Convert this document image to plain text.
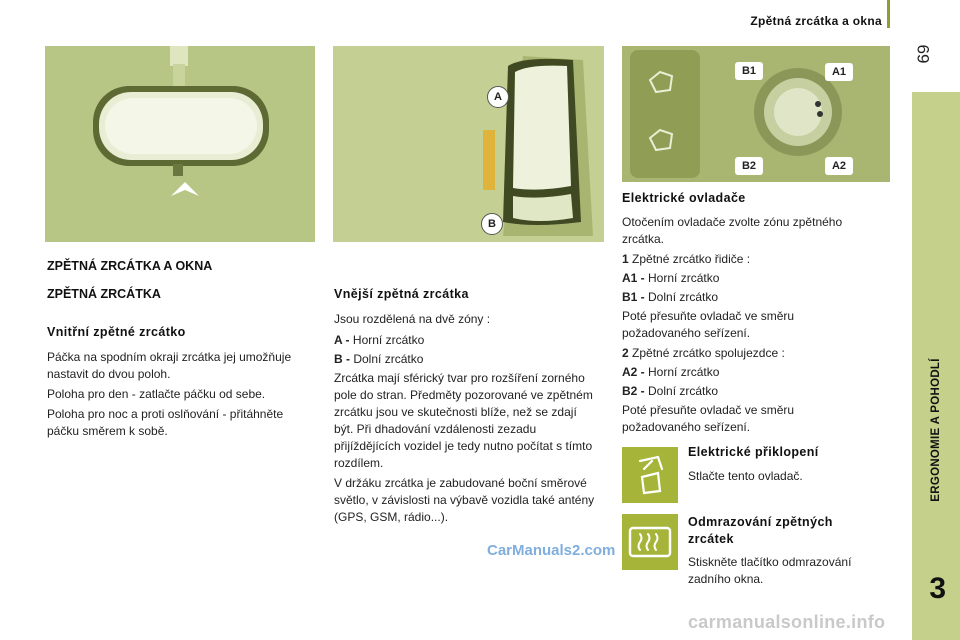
Zpětná zrcátka a okna
69
ERGONOMIE A POHODLÍ
3
A
B
B1	A1
B2	A2
ZPĚTNÁ ZRCÁTKA A OKNA
ZPĚTNÁ ZRCÁTKA
Vnitřní zpětné zrcátko
Páčka na spodním okraji zrcátka jej umožňuje nastavit do dvou poloh.
Poloha pro den - zatlačte páčku od sebe.
Poloha pro noc a proti oslňování - přitáhněte páčku směrem k sobě.
Vnější zpětná zrcátka
Jsou rozdělená na dvě zóny :
A - Horní zrcátko
B - Dolní zrcátko
Zrcátka mají sférický tvar pro rozšíření zorného pole do stran. Předměty pozorované ve zpětném zrcátku jsou ve skutečnosti blíže, než se zdají být. Při dhadování vzdálenosti zezadu přijíždějících vozidel je tedy nutno počítat s tímto rozdílem.
V držáku zrcátka je zabudované boční směrové světlo, v závislosti na výbavě vozidla také antény (GPS, GSM, rádio...).
Elektrické ovladače
Otočením ovladače zvolte zónu zpětného zrcátka.
1 Zpětné zrcátko řidiče :
A1 - Horní zrcátko
B1 - Dolní zrcátko
Poté přesuňte ovladač ve směru požadovaného seřízení.
2 Zpětné zrcátko spolujezdce :
A2 - Horní zrcátko
B2 - Dolní zrcátko
Poté přesuňte ovladač ve směru požadovaného seřízení.
Elektrické přiklopení
Stlačte tento ovladač.
Odmrazování zpětných zrcátek
Stiskněte tlačítko odmrazování zadního okna.
CarManuals2.com
carmanualsonline.info
